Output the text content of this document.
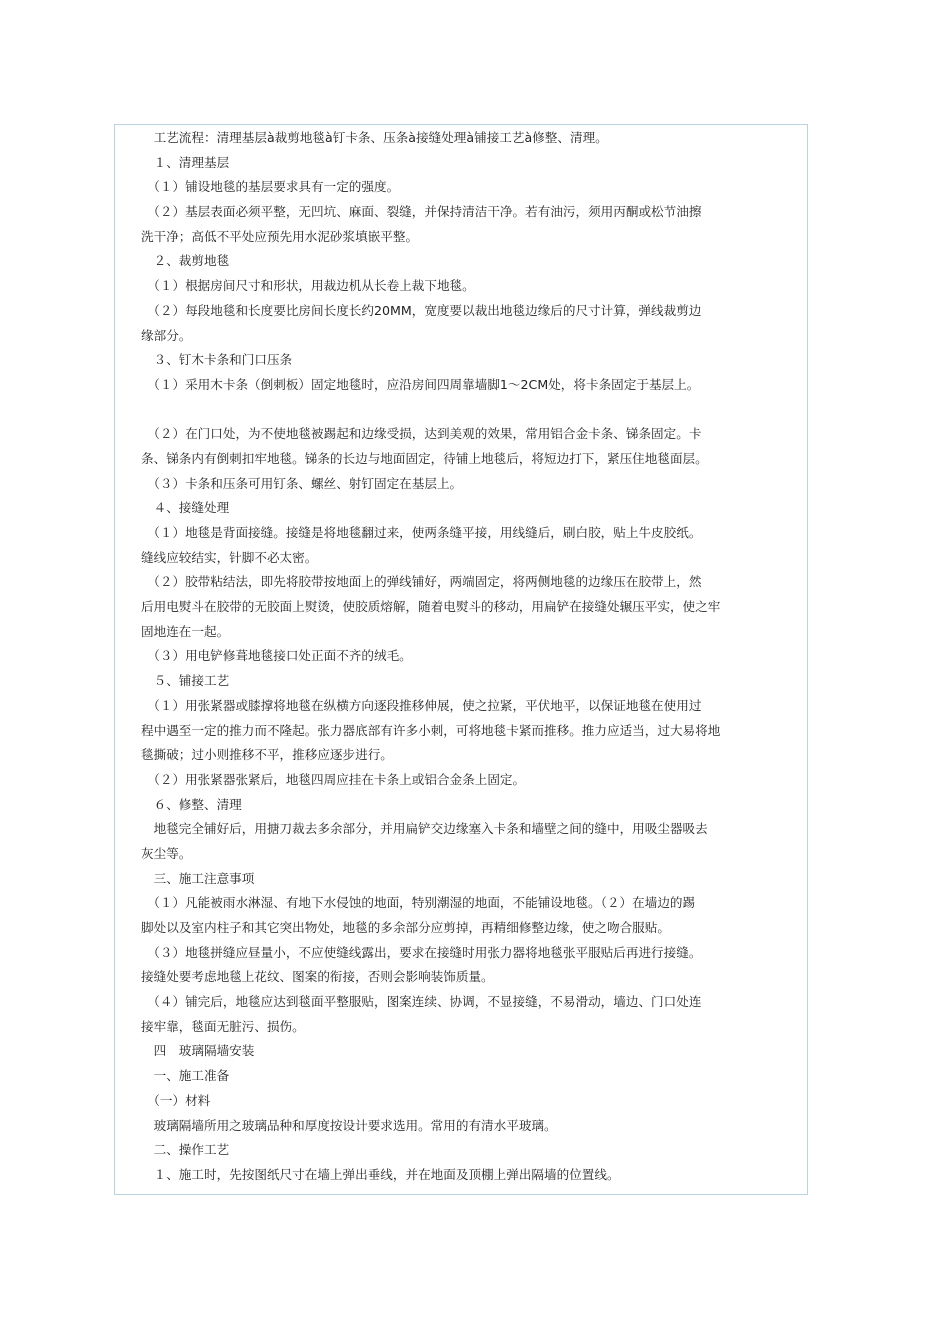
　工艺流程：清理基层à裁剪地毯à钉卡条、压条à接缝处理à铺接工艺à修整、清理。
　１、清理基层
　（１）铺设地毯的基层要求具有一定的强度。
　（２）基层表面必须平整，无凹坑、麻面、裂缝，并保持清洁干净。若有油污，须用丙酮或松节油擦
洗干净；高低不平处应预先用水泥砂浆填嵌平整。
　２、裁剪地毯
　（１）根据房间尺寸和形状，用裁边机从长卷上裁下地毯。
　（２）每段地毯和长度要比房间长度长约20MM，宽度要以裁出地毯边缘后的尺寸计算，弹线裁剪边
缘部分。
　３、钉木卡条和门口压条
　（１）采用木卡条（倒刺板）固定地毯时，应沿房间四周靠墙脚1～2CM处，将卡条固定于基层上。
　（２）在门口处，为不使地毯被踢起和边缘受损，达到美观的效果，常用铝合金卡条、锑条固定。卡
条、锑条内有倒刺扣牢地毯。锑条的长边与地面固定，待铺上地毯后，将短边打下，紧压住地毯面层。
　（３）卡条和压条可用钉条、螺丝、射钉固定在基层上。
　４、接缝处理
　（１）地毯是背面接缝。接缝是将地毯翻过来，使两条缝平接，用线缝后，刷白胶，贴上牛皮胶纸。
缝线应较结实，针脚不必太密。
　（２）胶带粘结法，即先将胶带按地面上的弹线铺好，两端固定，将两侧地毯的边缘压在胶带上，然
后用电熨斗在胶带的无胶面上熨烫，使胶质熔解，随着电熨斗的移动，用扁铲在接缝处辗压平实，使之牢
固地连在一起。
　（３）用电铲修葺地毯接口处正面不齐的绒毛。
　５、铺接工艺
　（１）用张紧器或膝撑将地毯在纵横方向逐段推移伸展，使之拉紧，平伏地平，以保证地毯在使用过
程中遇至一定的推力而不隆起。张力器底部有许多小刺，可将地毯卡紧而推移。推力应适当，过大易将地
毯撕破；过小则推移不平，推移应逐步进行。
　（２）用张紧器张紧后，地毯四周应挂在卡条上或铝合金条上固定。
　６、修整、清理
　地毯完全铺好后，用搪刀裁去多余部分，并用扁铲交边缘塞入卡条和墙壁之间的缝中，用吸尘器吸去
灰尘等。
　三、施工注意事项
　（１）凡能被雨水淋湿、有地下水侵蚀的地面，特别潮湿的地面，不能铺设地毯。（２）在墙边的踢
脚处以及室内柱子和其它突出物处，地毯的多余部分应剪掉，再精细修整边缘，使之吻合服贴。
　（３）地毯拼缝应昼量小，不应使缝线露出，要求在接缝时用张力器将地毯张平服贴后再进行接缝。
接缝处要考虑地毯上花纹、图案的衔接，否则会影响装饰质量。
　（４）铺完后，地毯应达到毯面平整服贴，图案连续、协调，不显接缝，不易滑动，墙边、门口处连
接牢靠，毯面无脏污、损伤。
　四　玻璃隔墙安装
　一、施工准备
　（一）材料
　玻璃隔墙所用之玻璃品种和厚度按设计要求选用。常用的有清水平玻璃。
　二、操作工艺
　１、施工时，先按图纸尺寸在墙上弹出垂线，并在地面及顶棚上弹出隔墙的位置线。
